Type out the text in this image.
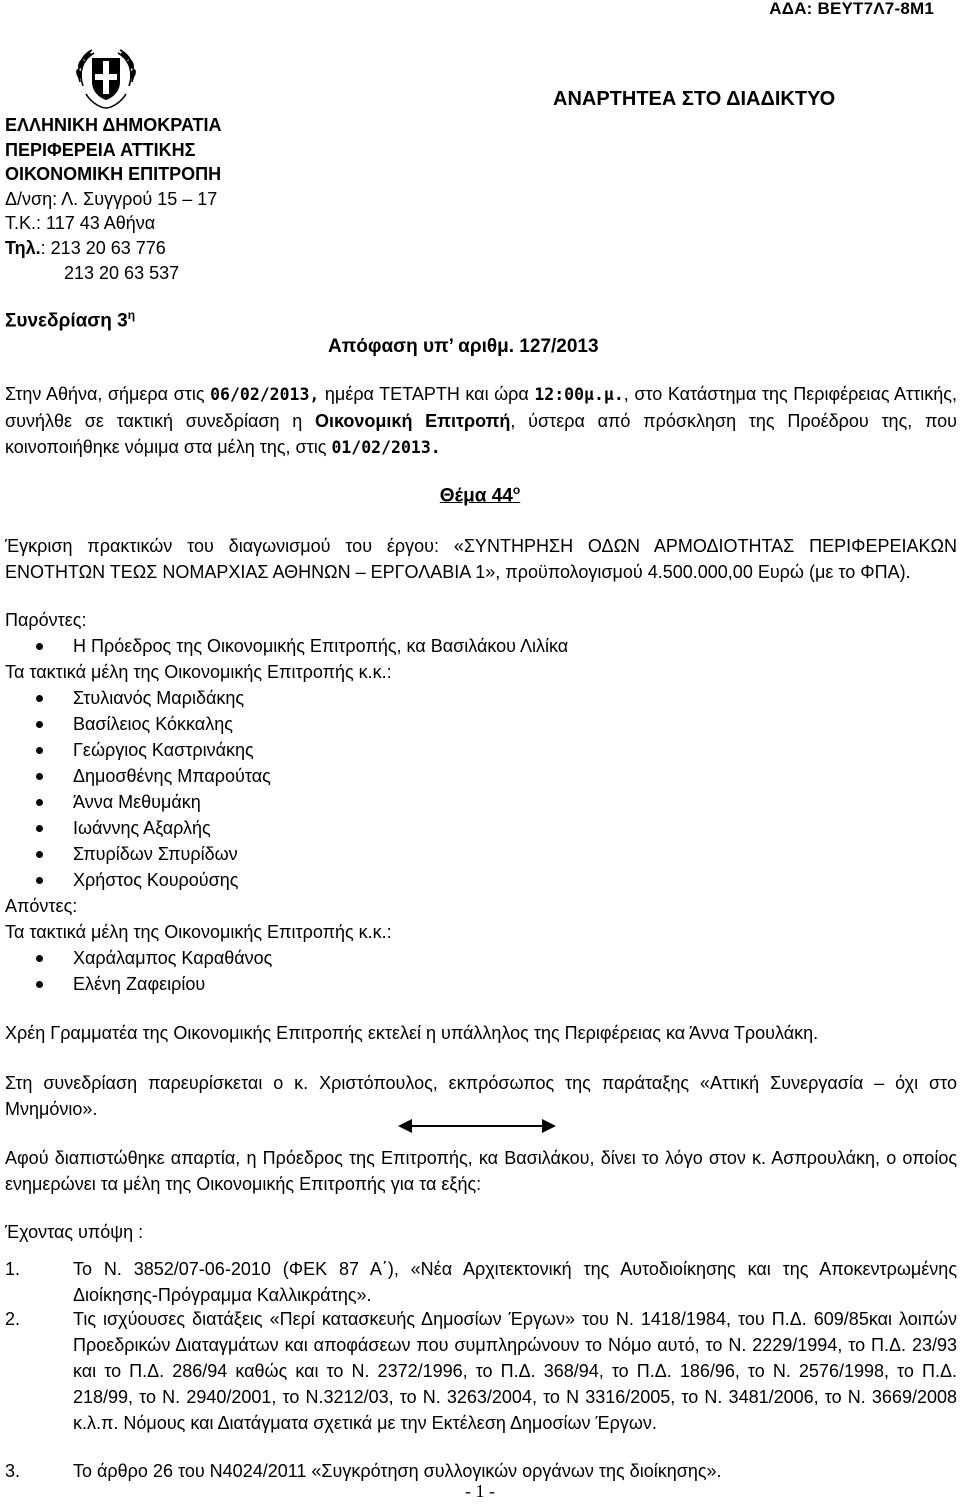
ΑΔΑ: ΒΕΥΤ7Λ7-8Μ1
ΕΛΛΗΝΙΚΗ ΔΗΜΟΚΡΑΤΙΑ
ΠΕΡΙΦΕΡΕΙΑ ΑΤΤΙΚΗΣ
ΟΙΚΟΝΟΜΙΚΗ ΕΠΙΤΡΟΠΗ
Δ/νση: Λ. Συγγρού 15 – 17
Τ.Κ.: 117 43 Αθήνα
Τηλ.: 213 20 63 776
213 20 63 537
ΑΝΑΡΤΗΤΕΑ ΣΤΟ ΔΙΑΔΙΚΤΥΟ
Συνεδρίαση $3^\eta$
Απόφαση υπ’ αριθμ. 127/2013
Στην Αθήνα, σήμερα στις 06/02/2013, ημέρα ΤΕΤΑΡΤΗ και ώρα 12:00μ.μ., στο Κατάστημα της Περιφέρειας Αττικής, συνήλθε σε τακτική συνεδρίαση η Οικονομική Επιτροπή, ύστερα από πρόσκληση της Προέδρου της, που κοινοποιήθηκε νόμιμα στα μέλη της, στις 01/02/2013.
Θέμα $44^o$
Έγκριση πρακτικών του διαγωνισμού του έργου: «ΣΥΝΤΗΡΗΣΗ ΟΔΩΝ ΑΡΜΟΔΙΟΤΗΤΑΣ ΠΕΡΙΦΕΡΕΙΑΚΩΝ ΕΝΟΤΗΤΩΝ ΤΕΩΣ ΝΟΜΑΡΧΙΑΣ ΑΘΗΝΩΝ – ΕΡΓΟΛΑΒΙΑ 1», προϋπολογισμού 4.500.000,00 Ευρώ (με το ΦΠΑ).
Παρόντες:
Η Πρόεδρος της Οικονομικής Επιτροπής, κα Βασιλάκου Λιλίκα
Τα τακτικά μέλη της Οικονομικής Επιτροπής κ.κ.:
Στυλιανός Μαριδάκης
Βασίλειος Κόκκαλης
Γεώργιος Καστρινάκης
Δημοσθένης Μπαρούτας
Άννα Μεθυμάκη
Ιωάννης Αξαρλής
Σπυρίδων Σπυρίδων
Χρήστος Κουρούσης
Απόντες:
Τα τακτικά μέλη της Οικονομικής Επιτροπής κ.κ.:
Χαράλαμπος Καραθάνος
Ελένη Ζαφειρίου
Χρέη Γραμματέα της Οικονομικής Επιτροπής εκτελεί η υπάλληλος της Περιφέρειας κα Άννα Τρουλάκη.
Στη συνεδρίαση παρευρίσκεται ο κ. Χριστόπουλος, εκπρόσωπος της παράταξης «Αττική Συνεργασία – όχι στο Μνημόνιο».
Αφού διαπιστώθηκε απαρτία, η Πρόεδρος της Επιτροπής, κα Βασιλάκου, δίνει το λόγο στον κ. Ασπρουλάκη, ο οποίος ενημερώνει τα μέλη της Οικονομικής Επιτροπής για τα εξής:
Έχοντας υπόψη :
1.	Το Ν. 3852/07-06-2010 (ΦΕΚ 87 Α΄), «Νέα Αρχιτεκτονική της Αυτοδιοίκησης και της Αποκεντρωμένης Διοίκησης-Πρόγραμμα Καλλικράτης».
2.	Τις ισχύουσες διατάξεις «Περί κατασκευής Δημοσίων Έργων» του Ν. 1418/1984, του Π.Δ. 609/85και λοιπών Προεδρικών Διαταγμάτων και αποφάσεων που συμπληρώνουν το Νόμο αυτό, το Ν. 2229/1994, το Π.Δ. 23/93 και το Π.Δ. 286/94 καθώς και το Ν. 2372/1996, το Π.Δ. 368/94, το Π.Δ. 186/96, το Ν. 2576/1998, το Π.Δ. 218/99, το Ν. 2940/2001, το Ν.3212/03, το Ν. 3263/2004, το Ν 3316/2005, το Ν. 3481/2006, το Ν. 3669/2008 κ.λ.π. Νόμους και Διατάγματα σχετικά με την Εκτέλεση Δημοσίων Έργων.
3.	Το άρθρο 26 του Ν4024/2011 «Συγκρότηση συλλογικών οργάνων της διοίκησης».
- 1 -
